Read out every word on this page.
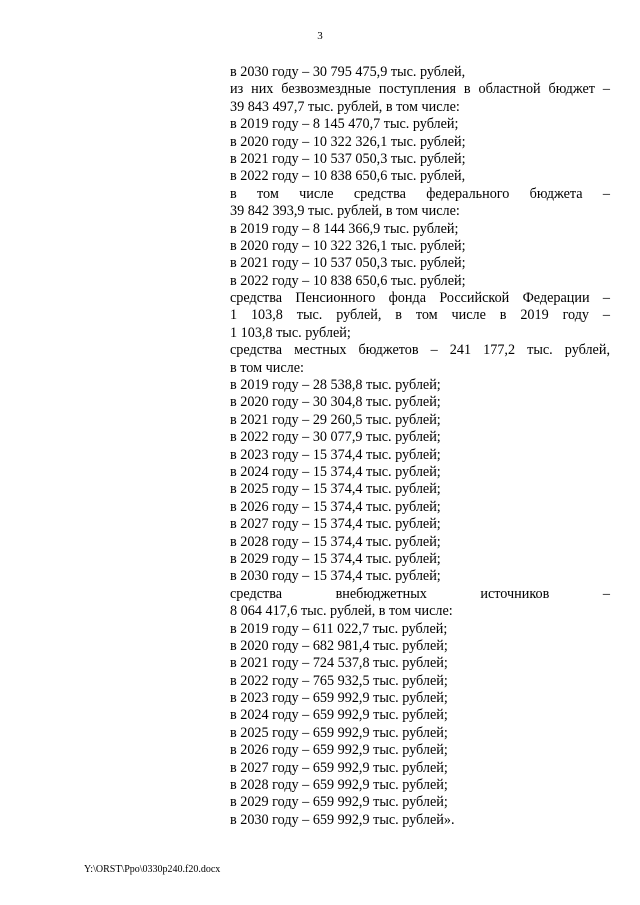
3
в 2030 году – 30 795 475,9 тыс. рублей,
из них безвозмездные поступления в областной бюджет –
39 843 497,7 тыс. рублей, в том числе:
в 2019 году – 8 145 470,7 тыс. рублей;
в 2020 году – 10 322 326,1 тыс. рублей;
в 2021 году – 10 537 050,3 тыс. рублей;
в 2022 году – 10 838 650,6 тыс. рублей,
в том числе средства федерального бюджета –
39 842 393,9 тыс. рублей, в том числе:
в 2019 году – 8 144 366,9 тыс. рублей;
в 2020 году – 10 322 326,1 тыс. рублей;
в 2021 году – 10 537 050,3 тыс. рублей;
в 2022 году – 10 838 650,6 тыс. рублей;
средства Пенсионного фонда Российской Федерации –
1 103,8 тыс. рублей, в том числе в 2019 году –
1 103,8 тыс. рублей;
средства местных бюджетов – 241 177,2 тыс. рублей,
в том числе:
в 2019 году – 28 538,8 тыс. рублей;
в 2020 году – 30 304,8 тыс. рублей;
в 2021 году – 29 260,5 тыс. рублей;
в 2022 году – 30 077,9 тыс. рублей;
в 2023 году – 15 374,4 тыс. рублей;
в 2024 году – 15 374,4 тыс. рублей;
в 2025 году – 15 374,4 тыс. рублей;
в 2026 году – 15 374,4 тыс. рублей;
в 2027 году – 15 374,4 тыс. рублей;
в 2028 году – 15 374,4 тыс. рублей;
в 2029 году – 15 374,4 тыс. рублей;
в 2030 году – 15 374,4 тыс. рублей;
средства внебюджетных источников –
8 064 417,6 тыс. рублей, в том числе:
в 2019 году – 611 022,7 тыс. рублей;
в 2020 году – 682 981,4 тыс. рублей;
в 2021 году – 724 537,8 тыс. рублей;
в 2022 году – 765 932,5 тыс. рублей;
в 2023 году – 659 992,9 тыс. рублей;
в 2024 году – 659 992,9 тыс. рублей;
в 2025 году – 659 992,9 тыс. рублей;
в 2026 году – 659 992,9 тыс. рублей;
в 2027 году – 659 992,9 тыс. рублей;
в 2028 году – 659 992,9 тыс. рублей;
в 2029 году – 659 992,9 тыс. рублей;
в 2030 году – 659 992,9 тыс. рублей».
Y:\ORST\Ppo\0330p240.f20.docx
